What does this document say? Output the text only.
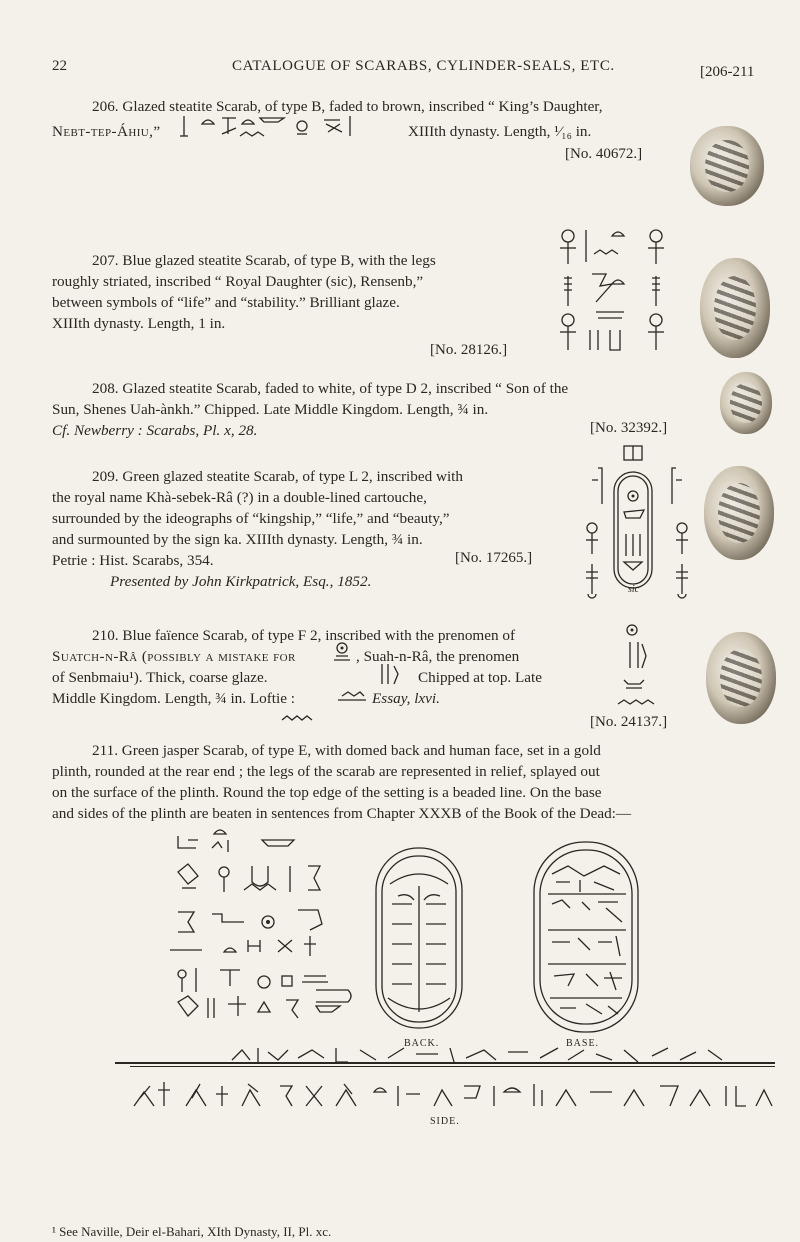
22	CATALOGUE OF SCARABS, CYLINDER-SEALS, ETC.	[206-211
206. Glazed steatite Scarab, of type B, faded to brown, inscribed “ King’s Daughter,
Nebt-tep-Áhiu,”	XIIIth dynasty. Length, ¹⁄₁₆ in.
[No. 40672.]
207. Blue glazed steatite Scarab, of type B, with the legs
roughly striated, inscribed “ Royal Daughter (sic), Rensenb,”
between symbols of “life” and “stability.” Brilliant glaze.
XIIIth dynasty. Length, 1 in.
[No. 28126.]
208. Glazed steatite Scarab, faded to white, of type D 2, inscribed “ Son of the
Sun, Shenes Uah-ànkh.” Chipped. Late Middle Kingdom. Length, ¾ in.
Cf. Newberry : Scarabs, Pl. x, 28.	[No. 32392.]
209. Green glazed steatite Scarab, of type L 2, inscribed with
the royal name Khà-sebek-Râ (?) in a double-lined cartouche,
surrounded by the ideographs of “kingship,” “life,” and “beauty,”
and surmounted by the sign ka. XIIIth dynasty. Length, ¾ in.
Petrie : Hist. Scarabs, 354.	[No. 17265.]
Presented by John Kirkpatrick, Esq., 1852.	sic
210. Blue faïence Scarab, of type F 2, inscribed with the prenomen of
Suatch-n-Râ (possibly a mistake for	, Suah-n-Râ, the prenomen
of Senbmaiu¹). Thick, coarse glaze.	Chipped at top. Late
Middle Kingdom. Length, ¾ in. Loftie :	Essay, lxvi.
[No. 24137.]
211. Green jasper Scarab, of type E, with domed back and human face, set in a gold
plinth, rounded at the rear end ; the legs of the scarab are represented in relief, splayed out
on the surface of the plinth. Round the top edge of the setting is a beaded line. On the base
and sides of the plinth are beaten in sentences from Chapter XXXB of the Book of the Dead:—
BACK.	BASE.
SIDE.
¹ See Naville, Deir el-Bahari, XIth Dynasty, II, Pl. xc.
